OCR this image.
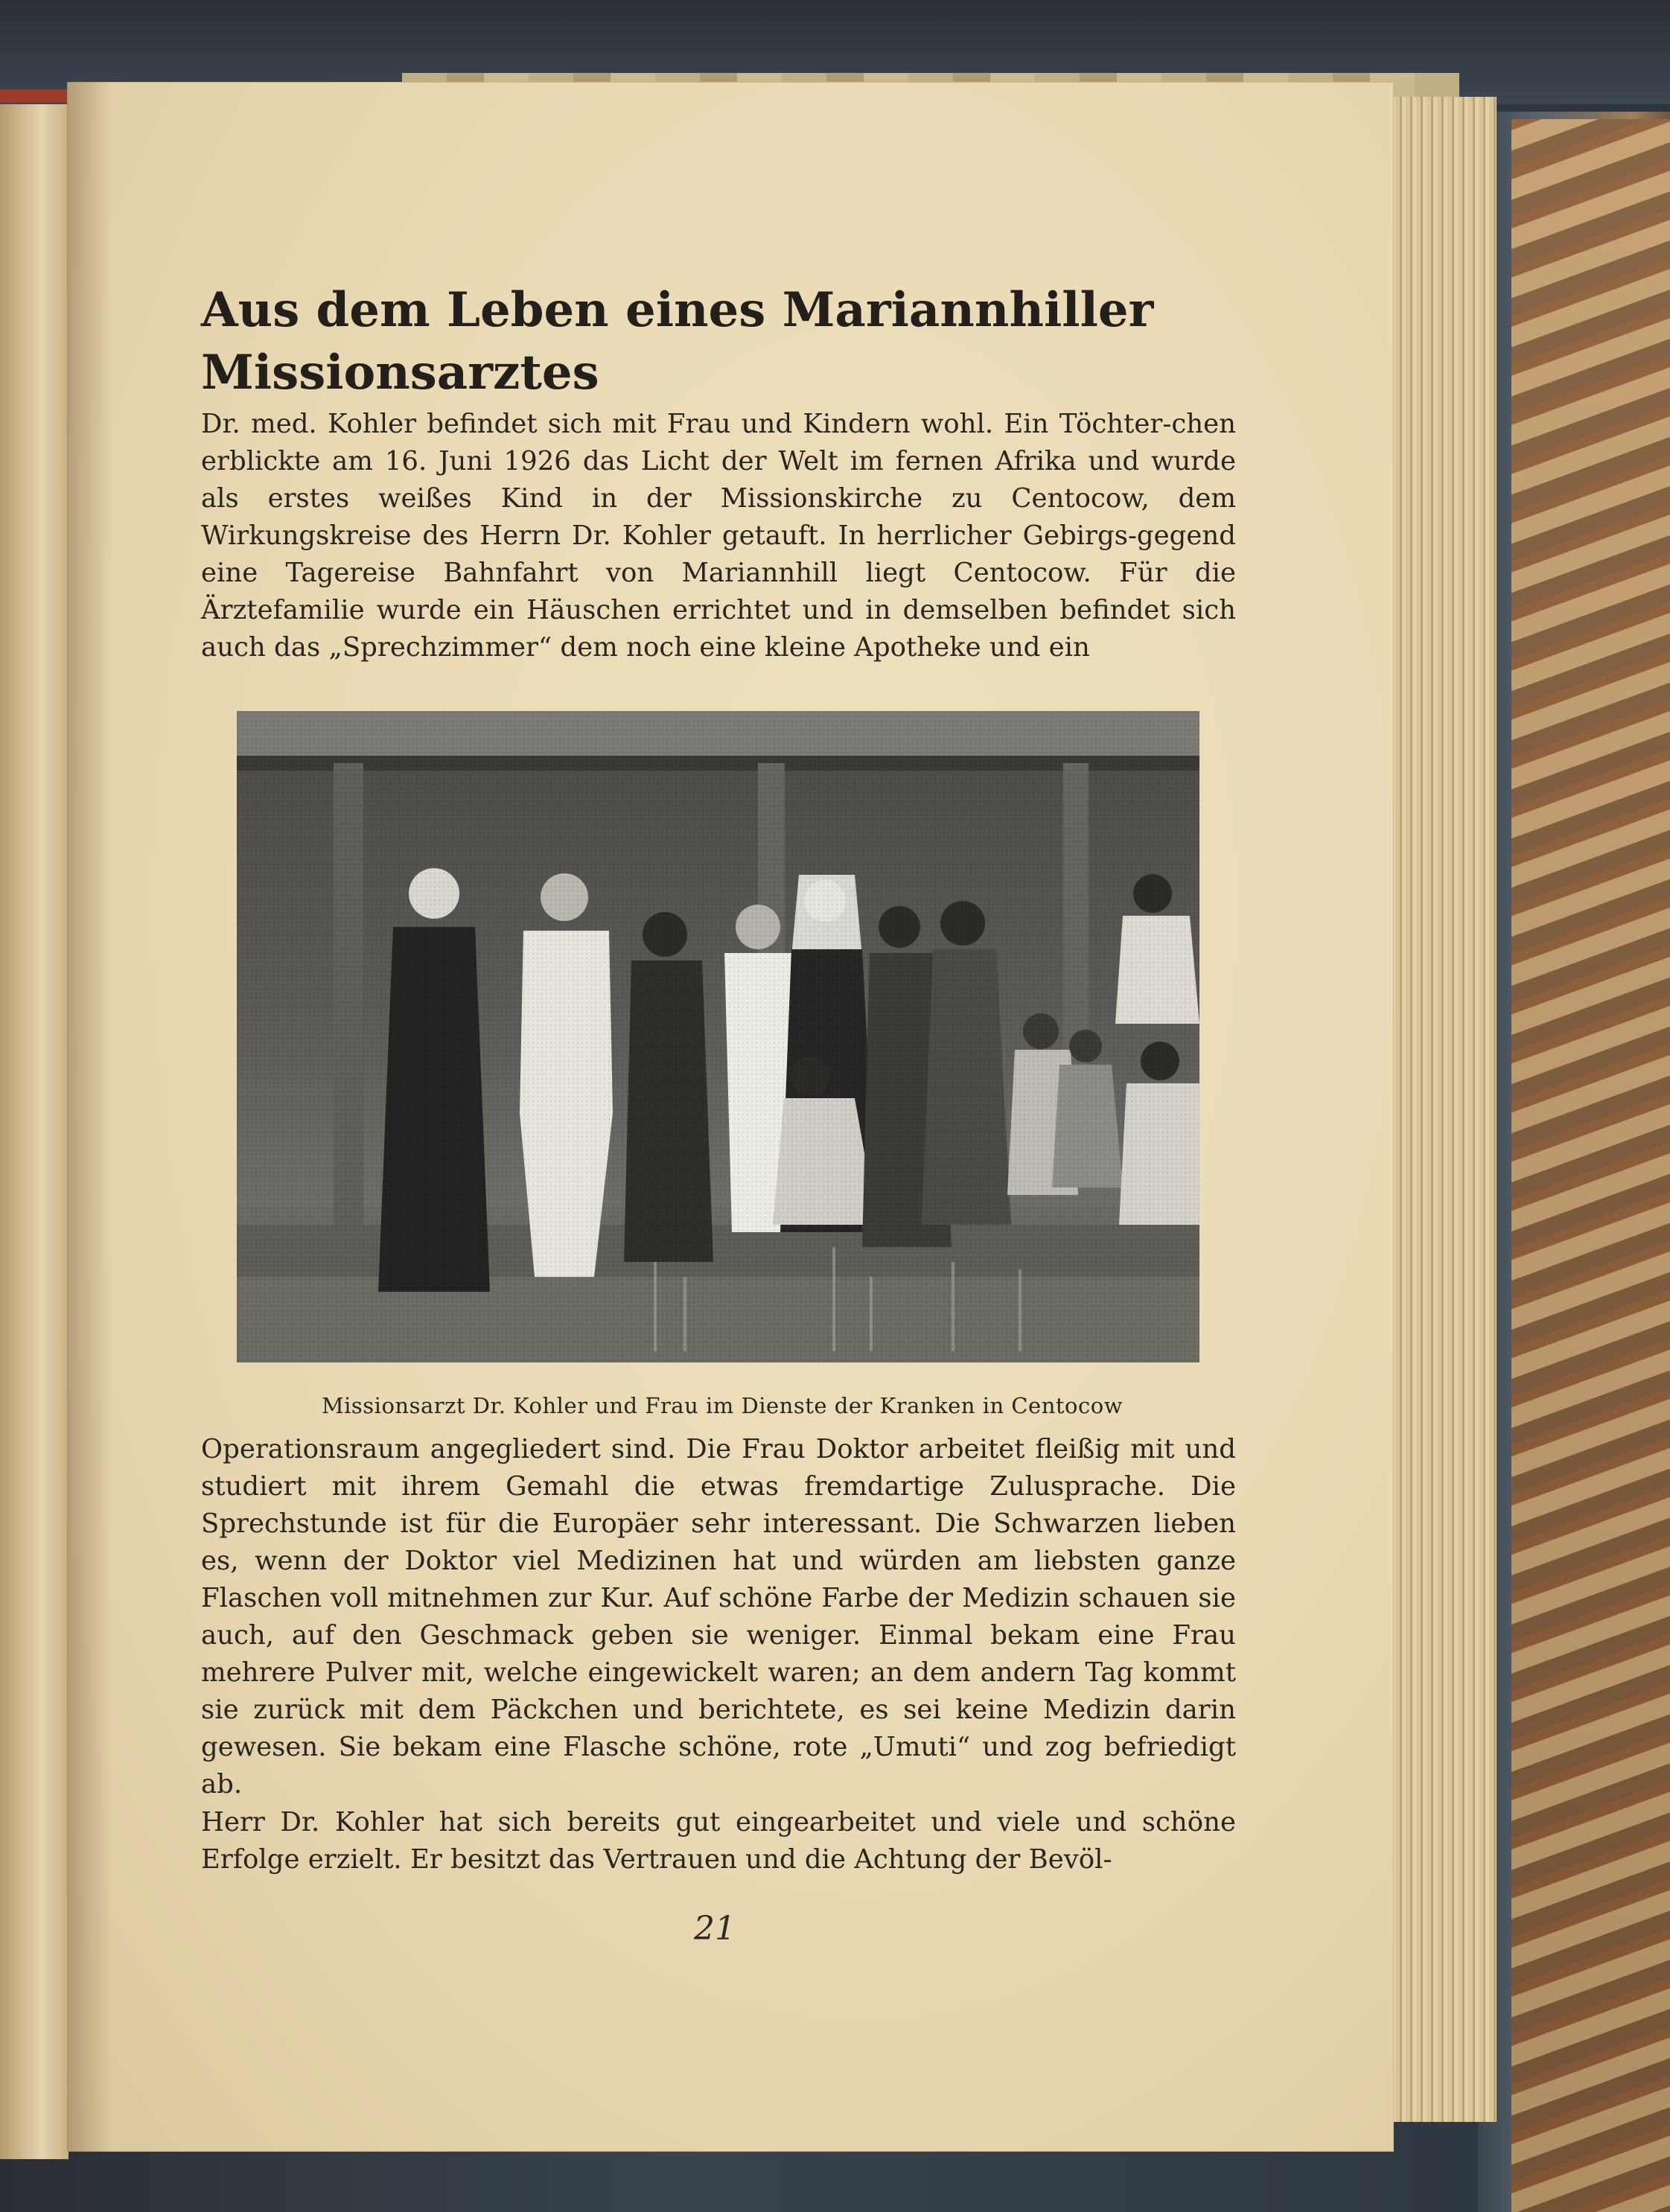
Aus dem Leben eines Mariannhiller Missionsarztes

Dr. med. Kohler befindet sich mit Frau und Kindern wohl. Ein Töchter-chen erblickte am 16. Juni 1926 das Licht der Welt im fernen Afrika und wurde als erstes weißes Kind in der Missionskirche zu Centocow, dem Wirkungskreise des Herrn Dr. Kohler getauft. In herrlicher Gebirgs-gegend eine Tagereise Bahnfahrt von Mariannhill liegt Centocow. Für die Ärztefamilie wurde ein Häuschen errichtet und in demselben befindet sich auch das „Sprechzimmer“ dem noch eine kleine Apotheke und ein

Missionsarzt Dr. Kohler und Frau im Dienste der Kranken in Centocow

Operationsraum angegliedert sind. Die Frau Doktor arbeitet fleißig mit und studiert mit ihrem Gemahl die etwas fremdartige Zulusprache. Die Sprechstunde ist für die Europäer sehr interessant. Die Schwarzen lieben es, wenn der Doktor viel Medizinen hat und würden am liebsten ganze Flaschen voll mitnehmen zur Kur. Auf schöne Farbe der Medizin schauen sie auch, auf den Geschmack geben sie weniger. Einmal bekam eine Frau mehrere Pulver mit, welche eingewickelt waren; an dem andern Tag kommt sie zurück mit dem Päckchen und berichtete, es sei keine Medizin darin gewesen. Sie bekam eine Flasche schöne, rote „Umuti“ und zog befriedigt ab.

Herr Dr. Kohler hat sich bereits gut eingearbeitet und viele und schöne Erfolge erzielt. Er besitzt das Vertrauen und die Achtung der Bevöl-

21
